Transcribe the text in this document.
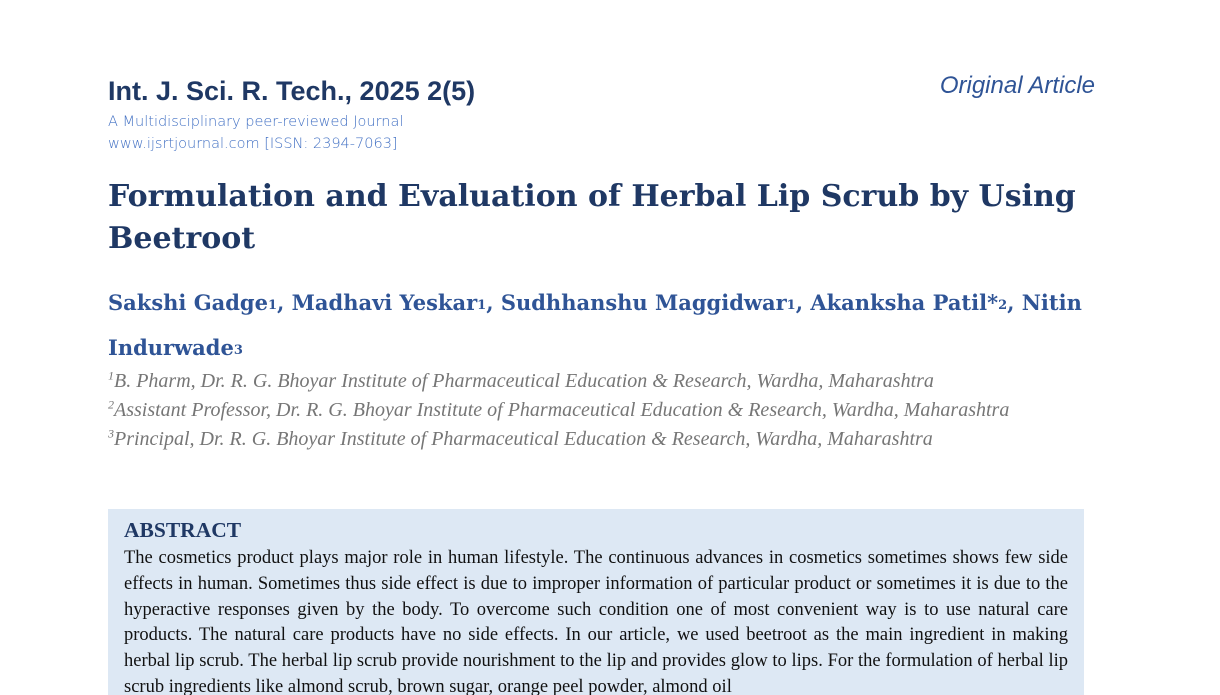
Int. J. Sci. R. Tech., 2025 2(5)	Original Article
A Multidisciplinary peer-reviewed Journal
www.ijsrtjournal.com [ISSN: 2394-7063]
Formulation and Evaluation of Herbal Lip Scrub by Using Beetroot
Sakshi Gadge$^1$, Madhavi Yeskar$^1$, Sudhhanshu Maggidwar$^1$, Akanksha Patil*$^2$, Nitin Indurwade$^3$
$^1$B. Pharm, Dr. R. G. Bhoyar Institute of Pharmaceutical Education & Research, Wardha, Maharashtra
$^2$Assistant Professor, Dr. R. G. Bhoyar Institute of Pharmaceutical Education & Research, Wardha, Maharashtra
$^3$Principal, Dr. R. G. Bhoyar Institute of Pharmaceutical Education & Research, Wardha, Maharashtra
ABSTRACT

The cosmetics product plays major role in human lifestyle. The continuous advances in cosmetics sometimes shows few side effects in human. Sometimes thus side effect is due to improper information of particular product or sometimes it is due to the hyperactive responses given by the body. To overcome such condition one of most convenient way is to use natural care products. The natural care products have no side effects. In our article, we used beetroot as the main ingredient in making herbal lip scrub. The herbal lip scrub provide nourishment to the lip and provides glow to lips. For the formulation of herbal lip scrub ingredients like almond scrub, brown sugar, orange peel powder, almond oil
